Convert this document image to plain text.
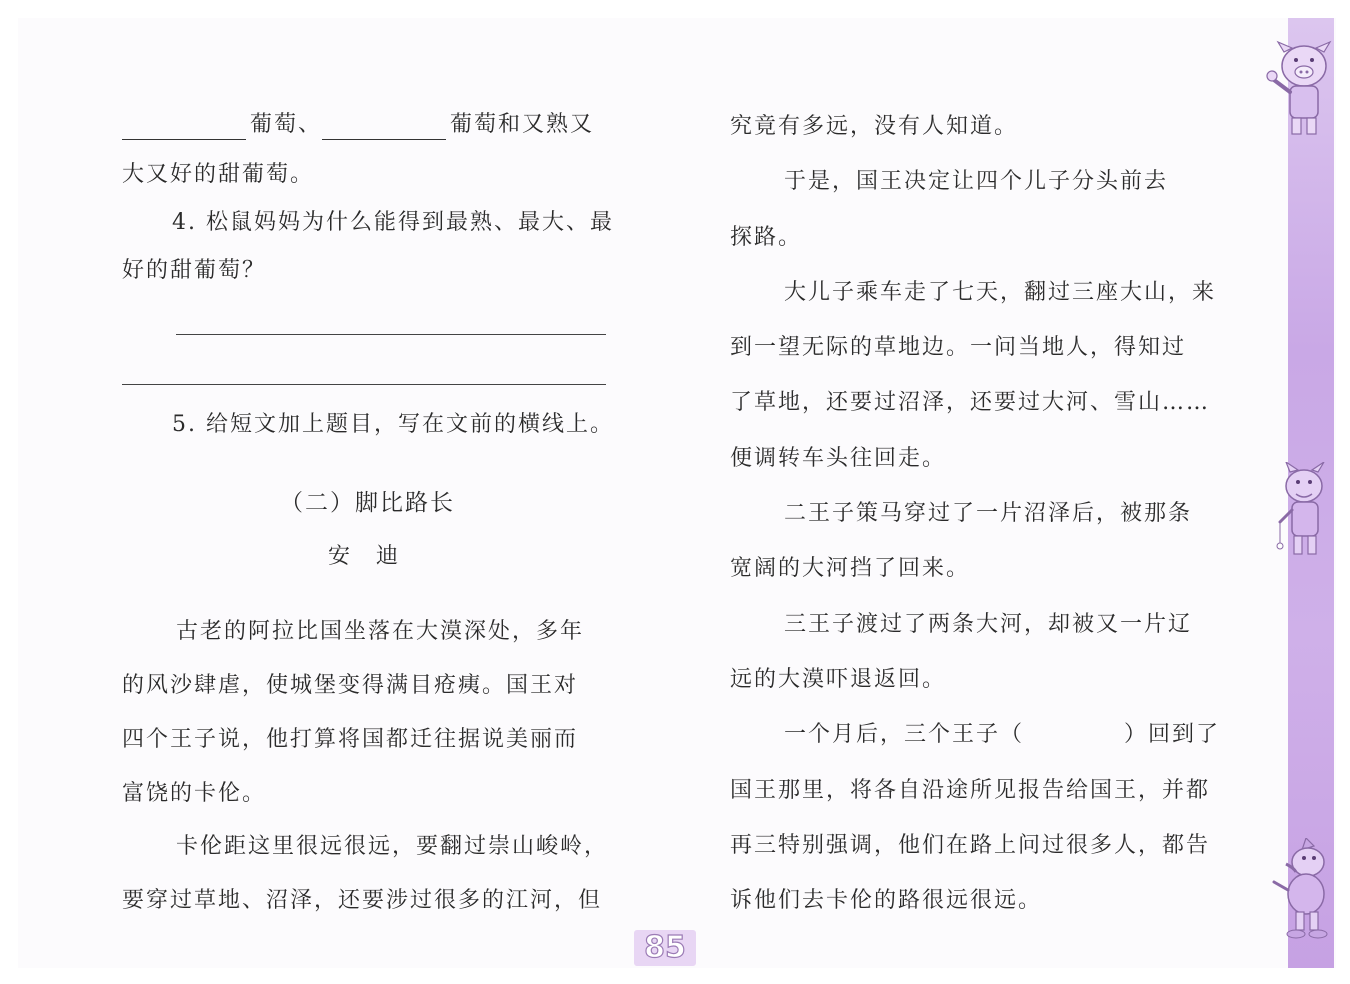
葡萄、	葡萄和又熟又
大又好的甜葡萄。
4. 松鼠妈妈为什么能得到最熟、最大、最
好的甜葡萄？
5. 给短文加上题目，写在文前的横线上。
（二）脚比路长
安　迪
古老的阿拉比国坐落在大漠深处，多年
的风沙肆虐，使城堡变得满目疮痍。国王对
四个王子说，他打算将国都迁往据说美丽而
富饶的卡伦。
卡伦距这里很远很远，要翻过崇山峻岭，
要穿过草地、沼泽，还要涉过很多的江河，但
究竟有多远，没有人知道。
于是，国王决定让四个儿子分头前去
探路。
大儿子乘车走了七天，翻过三座大山，来
到一望无际的草地边。一问当地人，得知过
了草地，还要过沼泽，还要过大河、雪山……
便调转车头往回走。
二王子策马穿过了一片沼泽后，被那条
宽阔的大河挡了回来。
三王子渡过了两条大河，却被又一片辽
远的大漠吓退返回。
一个月后，三个王子（	）回到了
国王那里，将各自沿途所见报告给国王，并都
再三特别强调，他们在路上问过很多人，都告
诉他们去卡伦的路很远很远。
85
